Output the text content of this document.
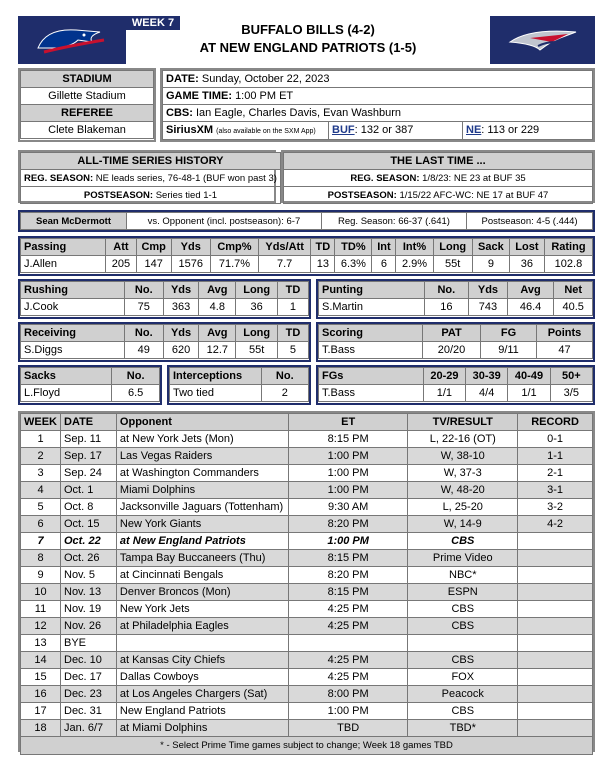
WEEK 7	BUFFALO BILLS (4-2)
AT NEW ENGLAND PATRIOTS (1-5)
STADIUM
Gillette Stadium
REFEREE
Clete Blakeman
DATE: Sunday, October 22, 2023
GAME TIME: 1:00 PM ET
CBS: Ian Eagle, Charles Davis, Evan Washburn

SiriusXM (also available on the SXM App)	BUF: 132 or 387	NE: 113 or 229
ALL-TIME SERIES HISTORY
REG. SEASON: NE leads series, 76-48-1 (BUF won past 3)
POSTSEASON: Series tied 1-1
THE LAST TIME ...
REG. SEASON: 1/8/23: NE 23 at BUF 35
POSTSEASON: 1/15/22 AFC-WC: NE 17 at BUF 47
Sean McDermott	vs. Opponent (incl. postseason): 6-7	Reg. Season: 66-37 (.641)	Postseason: 4-5 (.444)
Passing	Att	Cmp	Yds	Cmp%	Yds/Att	TD	TD%	Int	Int%	Long	Sack	Lost	Rating
J.Allen	205	147	1576	71.7%	7.7	13	6.3%	6	2.9%	55t	9	36	102.8
Rushing	No.	Yds	Avg	Long	TD
J.Cook	75	363	4.8	36	1
Punting	No.	Yds	Avg	Net
S.Martin	16	743	46.4	40.5
Receiving	No.	Yds	Avg	Long	TD
S.Diggs	49	620	12.7	55t	5
Scoring	PAT	FG	Points
T.Bass	20/20	9/11	47
Sacks	No.
L.Floyd	6.5
Interceptions	No.
Two tied	2
FGs	20-29	30-39	40-49	50+
T.Bass	1/1	4/4	1/1	3/5
WEEK	DATE	Opponent	ET	TV/RESULT	RECORD
1	Sep. 11	at New York Jets (Mon)	8:15 PM	L, 22-16 (OT)	0-1
2	Sep. 17	Las Vegas Raiders	1:00 PM	W, 38-10	1-1
3	Sep. 24	at Washington Commanders	1:00 PM	W, 37-3	2-1
4	Oct. 1	Miami Dolphins	1:00 PM	W, 48-20	3-1
5	Oct. 8	Jacksonville Jaguars (Tottenham)	9:30 AM	L, 25-20	3-2
6	Oct. 15	New York Giants	8:20 PM	W, 14-9	4-2
7	Oct. 22	at New England Patriots	1:00 PM	CBS	
8	Oct. 26	Tampa Bay Buccaneers (Thu)	8:15 PM	Prime Video	
9	Nov. 5	at Cincinnati Bengals	8:20 PM	NBC*	
10	Nov. 13	Denver Broncos (Mon)	8:15 PM	ESPN	
11	Nov. 19	New York Jets	4:25 PM	CBS	
12	Nov. 26	at Philadelphia Eagles	4:25 PM	CBS	
13	BYE				
14	Dec. 10	at Kansas City Chiefs	4:25 PM	CBS	
15	Dec. 17	Dallas Cowboys	4:25 PM	FOX	
16	Dec. 23	at Los Angeles Chargers (Sat)	8:00 PM	Peacock	
17	Dec. 31	New England Patriots	1:00 PM	CBS	
18	Jan. 6/7	at Miami Dolphins	TBD	TBD*	
* - Select Prime Time games subject to change; Week 18 games TBD					
